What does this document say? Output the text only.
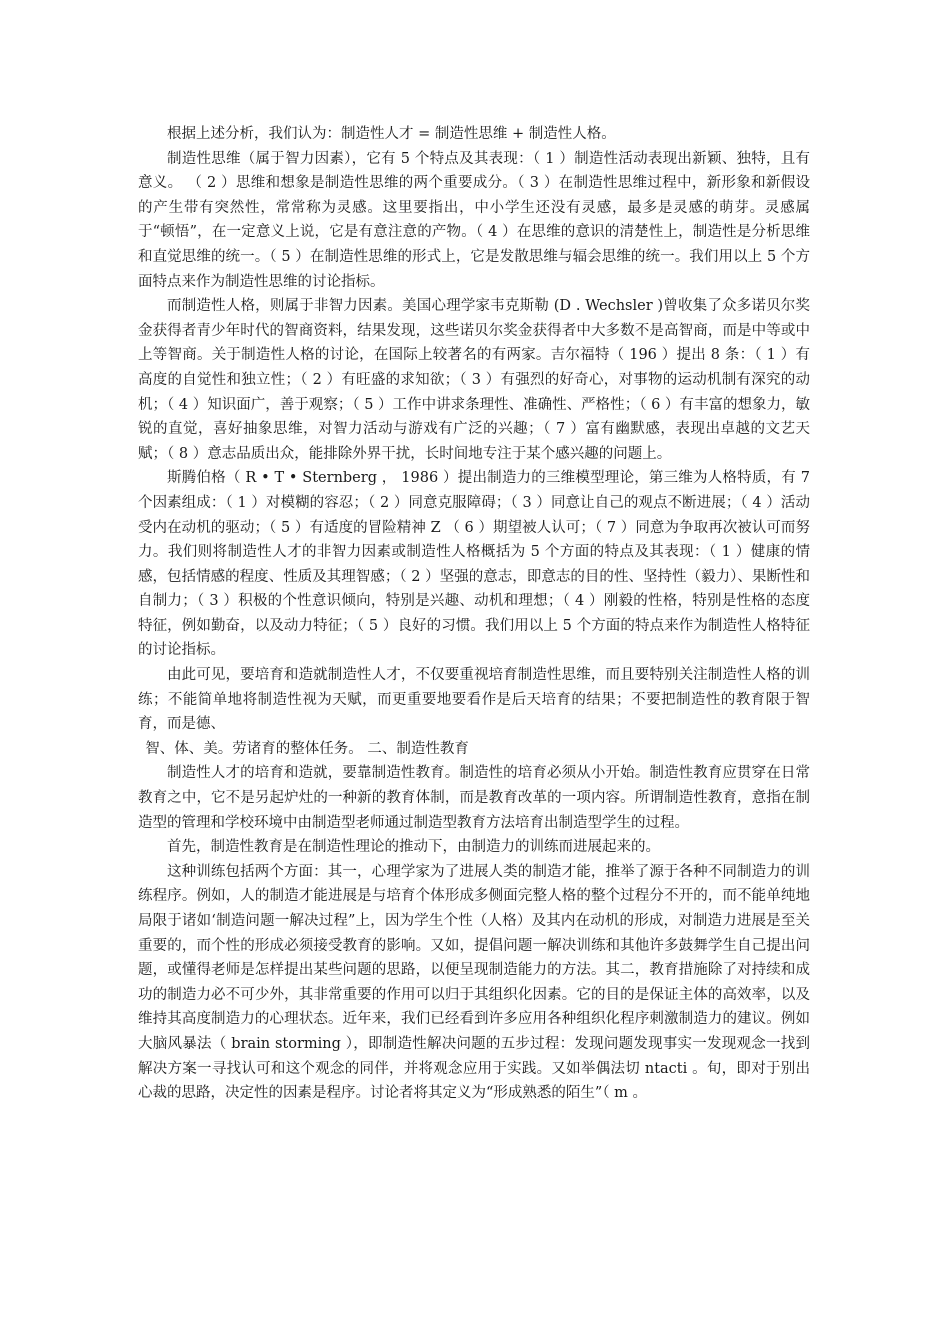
根据上述分析，我们认为：制造性人才 = 制造性思维 + 制造性人格。

制造性思维（属于智力因素），它有 5 个特点及其表现：（ 1 ）制造性活动表现出新颖、独特，且有意义。 （ 2 ）思维和想象是制造性思维的两个重要成分。（ 3 ）在制造性思维过程中，新形象和新假设的产生带有突然性，常常称为灵感。这里要指出，中小学生还没有灵感，最多是灵感的萌芽。灵感属于“顿悟”，在一定意义上说，它是有意注意的产物。（ 4 ）在思维的意识的清楚性上，制造性是分析思维和直觉思维的统一。（ 5 ）在制造性思维的形式上，它是发散思维与辐会思维的统一。我们用以上 5 个方面特点来作为制造性思维的讨论指标。

而制造性人格，则属于非智力因素。美国心理学家韦克斯勒 (D . Wechsler )曾收集了众多诺贝尔奖金获得者青少年时代的智商资料，结果发现，这些诺贝尔奖金获得者中大多数不是高智商，而是中等或中上等智商。关于制造性人格的讨论，在国际上较著名的有两家。吉尔福特（ 196 ）提出 8 条：（ 1 ）有高度的自觉性和独立性；（ 2 ）有旺盛的求知欲；（ 3 ）有强烈的好奇心，对事物的运动机制有深究的动机；（ 4 ）知识面广，善于观察；（ 5 ）工作中讲求条理性、准确性、严格性；（ 6 ）有丰富的想象力，敏锐的直觉，喜好抽象思维，对智力活动与游戏有广泛的兴趣；（ 7 ）富有幽默感，表现出卓越的文艺天赋；（ 8 ）意志品质出众，能排除外界干扰，长时间地专注于某个感兴趣的问题上。

斯腾伯格（ R • T • Sternberg ， 1986 ）提出制造力的三维模型理论，第三维为人格特质，有 7 个因素组成：（ 1 ）对模糊的容忍；（ 2 ）同意克服障碍；（ 3 ）同意让自己的观点不断进展；（ 4 ）活动受内在动机的驱动；（ 5 ）有适度的冒险精神 Z （ 6 ）期望被人认可；（ 7 ）同意为争取再次被认可而努力。我们则将制造性人才的非智力因素或制造性人格概括为 5 个方面的特点及其表现：（ 1 ）健康的情感，包括情感的程度、性质及其理智感；（ 2 ）坚强的意志，即意志的目的性、坚持性（毅力）、果断性和自制力；（ 3 ）积极的个性意识倾向，特别是兴趣、动机和理想；（ 4 ）刚毅的性格，特别是性格的态度特征，例如勤奋，以及动力特征；（ 5 ）良好的习惯。我们用以上 5 个方面的特点来作为制造性人格特征的讨论指标。

由此可见，要培育和造就制造性人才，不仅要重视培育制造性思维，而且要特别关注制造性人格的训练；不能简单地将制造性视为天赋，而更重要地要看作是后天培育的结果；不要把制造性的教育限于智育，而是德、

智、体、美。劳诸育的整体任务。 二、制造性教育

制造性人才的培育和造就，要靠制造性教育。制造性的培育必须从小开始。制造性教育应贯穿在日常教育之中，它不是另起炉灶的一种新的教育体制，而是教育改革的一项内容。所谓制造性教育，意指在制造型的管理和学校环境中由制造型老师通过制造型教育方法培育出制造型学生的过程。

首先，制造性教育是在制造性理论的推动下，由制造力的训练而进展起来的。

这种训练包括两个方面：其一，心理学家为了进展人类的制造才能，推举了源于各种不同制造力的训练程序。例如，人的制造才能进展是与培育个体形成多侧面完整人格的整个过程分不开的，而不能单纯地局限于诸如‘制造问题一解决过程”上，因为学生个性（人格）及其内在动机的形成，对制造力进展是至关重要的，而个性的形成必须接受教育的影响。又如，提倡问题一解决训练和其他许多鼓舞学生自己提出问题，或懂得老师是怎样提出某些问题的思路，以便呈现制造能力的方法。其二，教育措施除了对持续和成功的制造力必不可少外，其非常重要的作用可以归于其组织化因素。它的目的是保证主体的高效率，以及维持其高度制造力的心理状态。近年来，我们已经看到许多应用各种组织化程序刺激制造力的建议。例如大脑风暴法（ brain storming ），即制造性解决问题的五步过程：发现问题发现事实一发现观念一找到解决方案一寻找认可和这个观念的同伴，并将观念应用于实践。又如举偶法切 ntacti 。旬，即对于别出心裁的思路，决定性的因素是程序。讨论者将其定义为“形成熟悉的陌生”（ m 。
